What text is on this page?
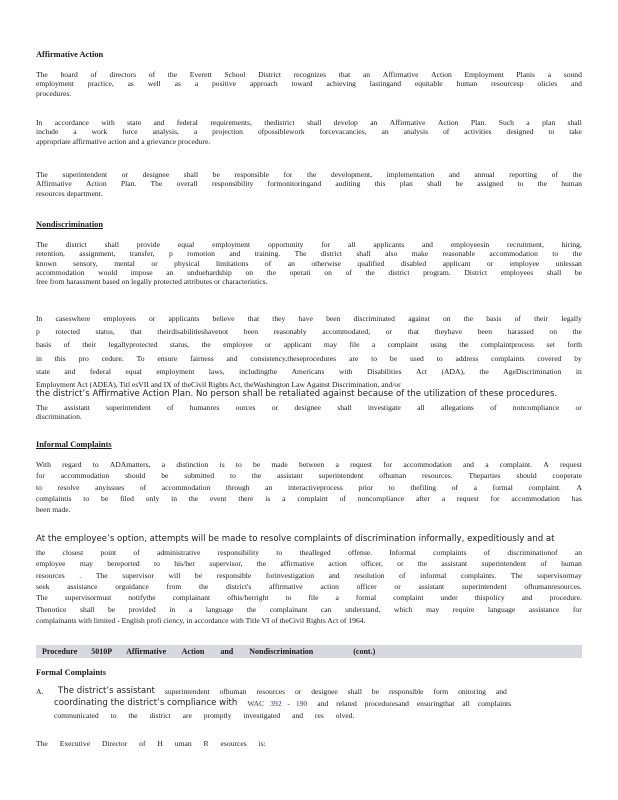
Affirmative Action
The board of directors of the Everett School District recognizes that an Affirmative Action Employment Planis a sound
employment practice, as well as a positive approach toward achieving lastingand equitable human resourcesp olicies and
procedures.
In accordance with state and federal requirements, thedistrict shall develop an Affirmative Action Plan. Such a plan shall
include a work force analysis, a projection ofpossiblework forcevacancies, an analysis of activities designed to take
appropriate affirmative action and a grievance procedure.
The superintendent or designee shall be responsible for the development, implementation and annual reporting of the
Affirmative Action Plan. The overall responsibility formonitoringand auditing this plan shall be assigned to the human
resources department.
Nondiscrimination
The district shall provide equal employment opportunity for all applicants and employeesin recruitment, hiring,
retention, assignment, transfer, p romotion and training. The district shall also make reasonable accommodation to the
known sensory, mental or physical limitations of an otherwise qualified disabled applicant or employee unlessan
accommodation would impose an unduehardship on the operati on of the district program. District employees shall be
free from harassment based on legally protected attributes or characteristics.
In caseswhere employees or applicants believe that they have been discriminated against on the basis of their legally
p rotected status, that theirdisabilitieshavenot been reasonably accommodated, or that theyhave been harassed on the
basis of their legallyprotected status, the employee or applicant may file a complaint using the complaintprocess set forth
in this pro cedure. To ensure fairness and consistency,theseprocedures are to be used to address complaints covered by
state and federal equal employment laws, includingthe Americans with Disabilities Act (ADA), the AgeDiscrimination in
Employment Act (ADEA), Titl esVII and IX of theCivil Rights Act, theWashington Law Against Discrimination, and/or
the district’s Affirmative Action Plan. No person shall be retaliated against because of the utilization of these procedures.
The assistant superintendent of humanres ources or designee shall investigate all allegations of noncompliance or
discrimination.
Informal Complaints
With regard to ADAmatters, a distinction is to be made between a request for accommodation and a complaint. A request
for accommodation should be submitted to the assistant superintendent ofhuman resources. Theparties should cooperate
to resolve anyissues of accommodation through an interactiveprocess prior to thefiling of a formal complaint. A
complaintis to be filed only in the event there is a complaint of noncompliance after a request for accommodation has
been made.
At the employee’s option, attempts will be made to resolve complaints of discrimination informally, expeditiously and at
the closest point of administrative responsibility to thealleged offense. Informal complaints of discriminationof an
employee may bereported to his/her supervisor, the affirmative action officer, or the assistant superintendent of human
resources . The supervisor will be responsible forinvestigation and resolution of informal complaints. The supervisormay
seek assistance orguidance from the district's affirmative action officer or assistant superintendent ofhumanresources.
The supervisormust notifythe complainant ofhis/herright to file a formal complaint under thispolicy and procedure.
Thenotice shall be provided in a language the complainant can understand, which may require language assistance for
complainants with limited - English profi ciency, in accordance with Title VI of theCivil Rights Act of 1964.
Procedure 5010P Affirmative Action and Nondiscrimination	(cont.)
Formal Complaints
A.	The district’s assistant superintendent ofhuman resources or designee shall be responsible form onitoring and
coordinating the district’s compliance with WAC 392 - 190 and related proceduresand ensuringthat all complaints
communicated to the district are promptly investigated and res olved.
The Executive Director of H uman R esources is:
